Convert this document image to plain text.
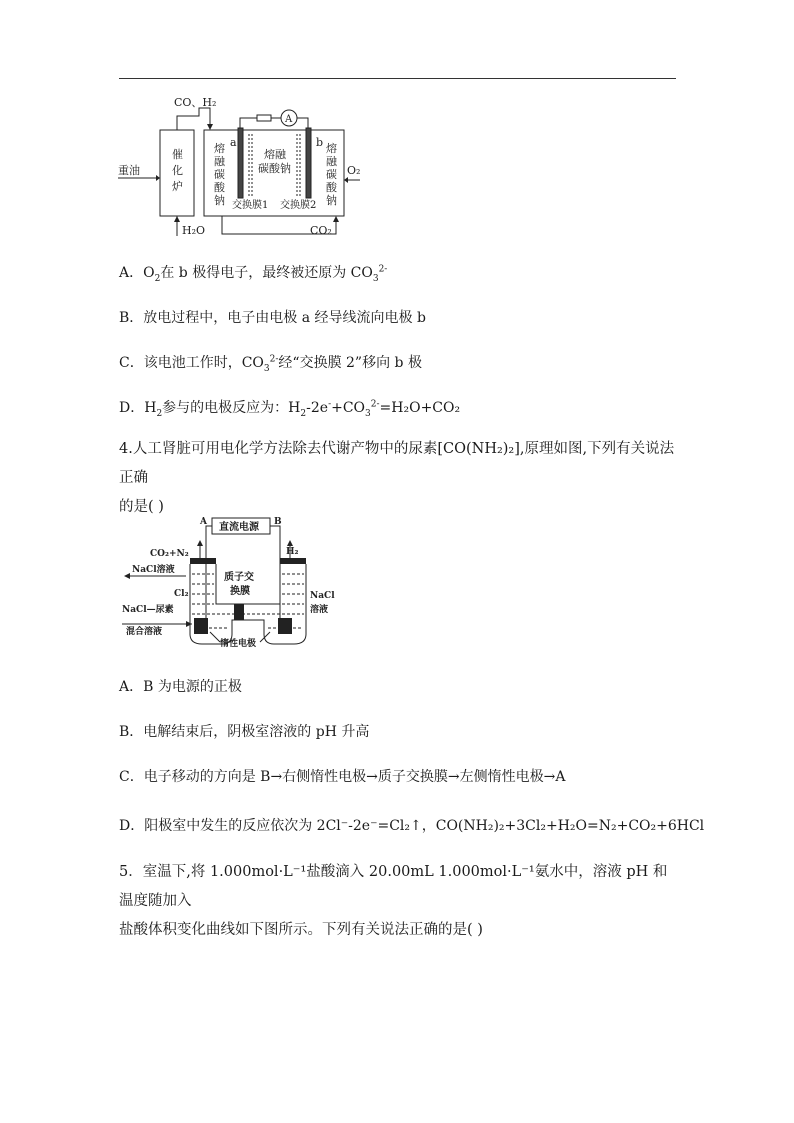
CO、H₂
重油
催
化
炉
熔
融
碳
酸
钠
熔
融
碳
酸
钠
熔融
碳酸钠
a	b
A
交换膜1 交换膜2
O₂
H₂O	CO₂
A．$O_2$在 b 极得电子，最终被还原为 $CO_3^{2-}$
B．放电过程中，电子由电极 a 经导线流向电极 b
C．该电池工作时，$CO_3^{2-}$经“交换膜 2”移向 b 极
D．$H_2$参与的电极反应为：$H_2-2e^-+CO_3^{2-}=H_2O+CO_2$
4.人工肾脏可用电化学方法除去代谢产物中的尿素[CO(NH₂)₂],原理如图,下列有关说法正确
的是( )
A	B
直流电源
CO₂+N₂	H₂
NaCl溶液
Cl₂
质子交
换膜
NaCl—尿素
混合溶液
NaCl
溶液
惰性电极
A．B 为电源的正极
B．电解结束后，阴极室溶液的 pH 升高
C．电子移动的方向是 B→右侧惰性电极→质子交换膜→左侧惰性电极→A
D．阳极室中发生的反应依次为 2Cl⁻-2e⁻=Cl₂↑，CO(NH₂)₂+3Cl₂+H₂O=N₂+CO₂+6HCl
5．室温下,将 1.000mol·L⁻¹盐酸滴入 20.00mL 1.000mol·L⁻¹氨水中，溶液 pH 和温度随加入
盐酸体积变化曲线如下图所示。下列有关说法正确的是( )
